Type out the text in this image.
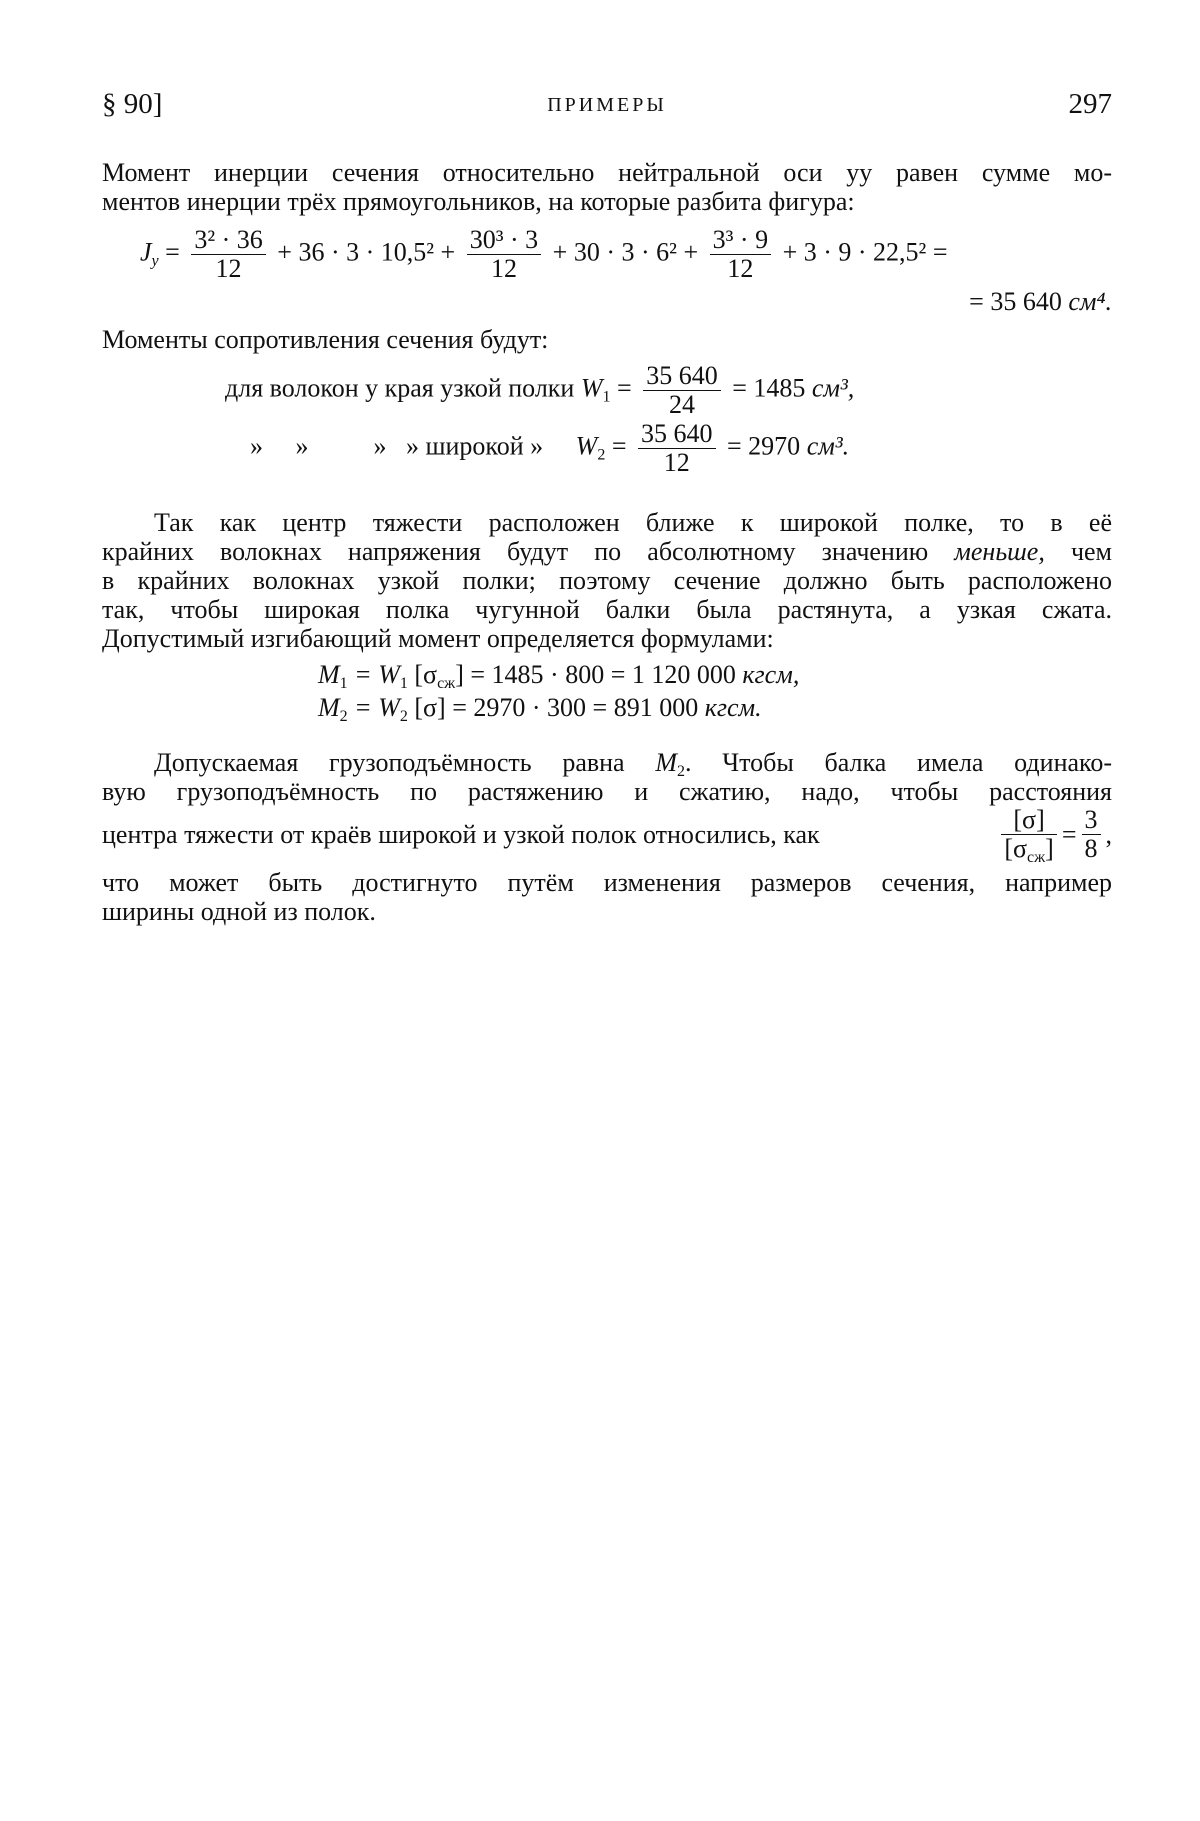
§ 90]	ПРИМЕРЫ	297
Момент инерции сечения относительно нейтральной оси yy равен сумме мо-
ментов инерции трёх прямоугольников, на которые разбита фигура:
$J_y = \frac{\text{3² · 36}}{12} + 36 \cdot 3 \cdot 10,5^2 + \frac{\text{30³ · 3}}{12} + 30 \cdot 3 \cdot 6^2 + \frac{\text{3³ · 9}}{12} + 3 \cdot 9 \cdot 22,5^2$ =
= 35 640 см⁴.
Моменты сопротивления сечения будут:
для волокон у края узкой полки $W_1 = \frac{35 640}{24} = 1485$ см³,
»     »          »   » широкой » $W_2 = \frac{35 640}{12} = 2970$ см³.
Так как центр тяжести расположен ближе к широкой полке, то в её
крайних волокнах напряжения будут по абсолютному значению меньше, чем
в крайних волокнах узкой полки; поэтому сечение должно быть расположено
так, чтобы широкая полка чугунной балки была растянута, а узкая сжата.
Допустимый изгибающий момент определяется формулами:
$M_1 = W_1$ $[\sigma_{сж}] = 1485 \cdot 800 = 1$ 120 000 кгсм,
$M_2 = W_2$ [σ] = 2970 · 300 = 891 000 кгсм.
Допускаемая грузоподъёмность равна $M_2$. Чтобы балка имела одинако-
вую грузоподъёмность по растяжению и сжатию, надо, чтобы расстояния
центра тяжести от краёв широкой и узкой полок относились, как	$\frac{[\sigma]}{[\sigma_{сж}]} = \frac{3}{8}$ ,
что может быть достигнуто путём изменения размеров сечения, например
ширины одной из полок.
